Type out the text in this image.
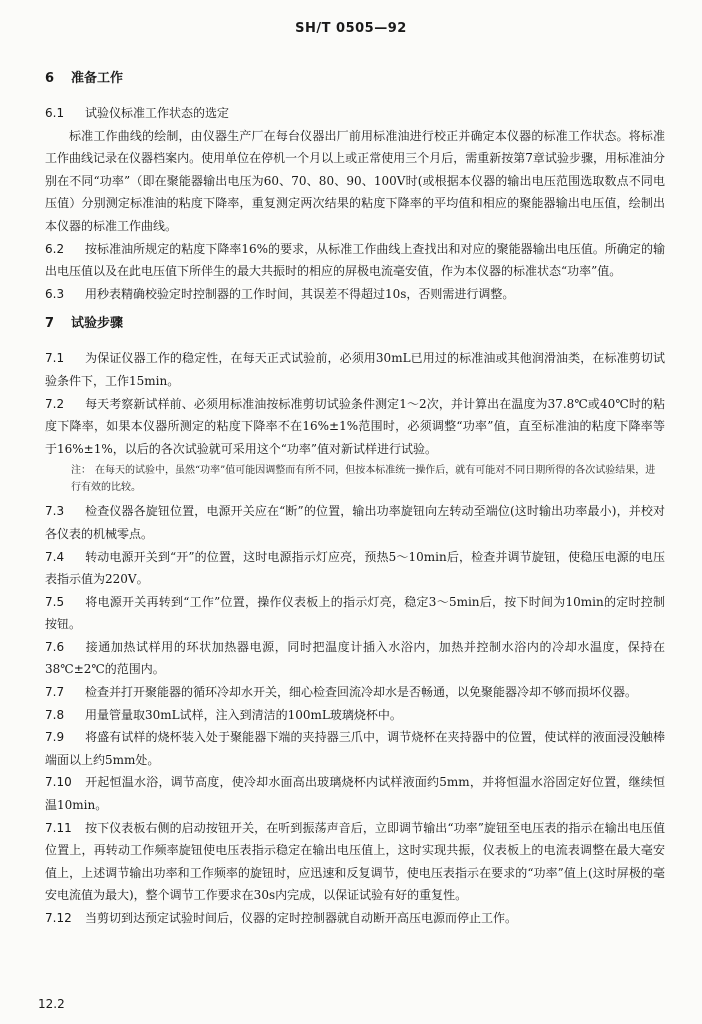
SH/T 0505—92
6 准备工作

6.1 试验仪标准工作状态的选定

标准工作曲线的绘制，由仪器生产厂在每台仪器出厂前用标准油进行校正并确定本仪器的标准工作状态。将标准工作曲线记录在仪器档案内。使用单位在停机一个月以上或正常使用三个月后，需重新按第7章试验步骤，用标准油分别在不同“功率”（即在聚能器输出电压为60、70、80、90、100V时(或根据本仪器的输出电压范围选取数点不同电压值）分别测定标准油的粘度下降率，重复测定两次结果的粘度下降率的平均值和相应的聚能器输出电压值，绘制出本仪器的标准工作曲线。

6.2 按标准油所规定的粘度下降率16%的要求，从标准工作曲线上查找出和对应的聚能器输出电压值。所确定的输出电压值以及在此电压值下所伴生的最大共振时的相应的屏极电流毫安值，作为本仪器的标准状态“功率”值。

6.3 用秒表精确校验定时控制器的工作时间，其误差不得超过10s，否则需进行调整。

7 试验步骤

7.1 为保证仪器工作的稳定性，在每天正式试验前，必须用30mL已用过的标准油或其他润滑油类，在标准剪切试验条件下，工作15min。

7.2 每天考察新试样前、必须用标准油按标准剪切试验条件测定1～2次，并计算出在温度为37.8℃或40℃时的粘度下降率，如果本仪器所测定的粘度下降率不在16%±1%范围时，必须调整“功率”值，直至标准油的粘度下降率等于16%±1%，以后的各次试验就可采用这个“功率”值对新试样进行试验。

注： 在每天的试验中，虽然“功率”值可能因调整而有所不同，但按本标准统一操作后，就有可能对不同日期所得的各次试验结果，进行有效的比较。

7.3 检查仪器各旋钮位置，电源开关应在“断”的位置，输出功率旋钮向左转动至端位(这时输出功率最小)，并校对各仪表的机械零点。

7.4 转动电源开关到“开”的位置，这时电源指示灯应亮，预热5～10min后，检查并调节旋钮，使稳压电源的电压表指示值为220V。

7.5 将电源开关再转到“工作”位置，操作仪表板上的指示灯亮，稳定3～5min后，按下时间为10min的定时控制按钮。

7.6 接通加热试样用的环状加热器电源，同时把温度计插入水浴内，加热并控制水浴内的冷却水温度，保持在38℃±2℃的范围内。

7.7 检查并打开聚能器的循环冷却水开关，细心检查回流冷却水是否畅通，以免聚能器冷却不够而损坏仪器。

7.8 用量管量取30mL试样，注入到清洁的100mL玻璃烧杯中。

7.9 将盛有试样的烧杯装入处于聚能器下端的夹持器三爪中，调节烧杯在夹持器中的位置，使试样的液面浸没触棒端面以上约5mm处。

7.10 开起恒温水浴，调节高度，使冷却水面高出玻璃烧杯内试样液面约5mm，并将恒温水浴固定好位置，继续恒温10min。

7.11 按下仪表板右侧的启动按钮开关，在听到振荡声音后，立即调节输出“功率”旋钮至电压表的指示在输出电压值位置上，再转动工作频率旋钮使电压表指示稳定在输出电压值上，这时实现共振，仪表板上的电流表调整在最大毫安值上，上述调节输出功率和工作频率的旋钮时，应迅速和反复调节，使电压表指示在要求的“功率”值上(这时屏极的毫安电流值为最大)，整个调节工作要求在30s内完成，以保证试验有好的重复性。

7.12 当剪切到达预定试验时间后，仪器的定时控制器就自动断开高压电源而停止工作。

12.2
